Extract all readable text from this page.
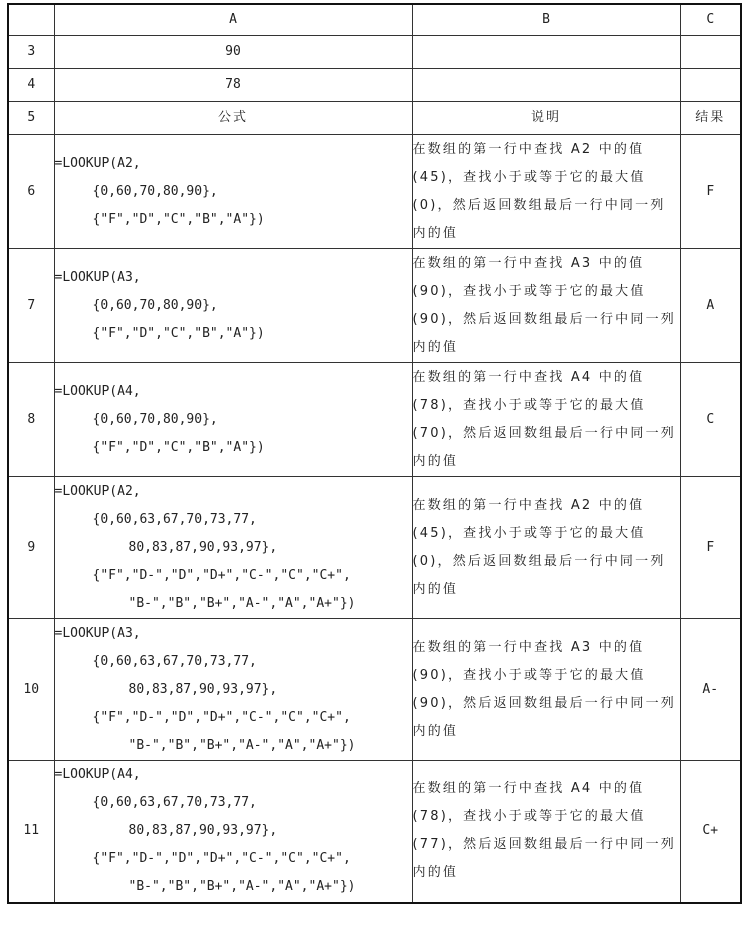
	A	B	C
3	90		
4	78		
5	公式	说明	结果
6	=LOOKUP(A2,
{0,60,70,80,90},
{"F","D","C","B","A"})	在数组的第一行中查找 A2 中的值(45)，查找小于或等于它的最大值(0)，然后返回数组最后一行中同一列内的值	F
7	=LOOKUP(A3,
{0,60,70,80,90},
{"F","D","C","B","A"})	在数组的第一行中查找 A3 中的值(90)，查找小于或等于它的最大值(90)，然后返回数组最后一行中同一列内的值	A
8	=LOOKUP(A4,
{0,60,70,80,90},
{"F","D","C","B","A"})	在数组的第一行中查找 A4 中的值(78)，查找小于或等于它的最大值(70)，然后返回数组最后一行中同一列内的值	C
9	=LOOKUP(A2,
{0,60,63,67,70,73,77,
80,83,87,90,93,97},
{"F","D-","D","D+","C-","C","C+",
"B-","B","B+","A-","A","A+"})	在数组的第一行中查找 A2 中的值(45)，查找小于或等于它的最大值(0)，然后返回数组最后一行中同一列内的值	F
10	=LOOKUP(A3,
{0,60,63,67,70,73,77,
80,83,87,90,93,97},
{"F","D-","D","D+","C-","C","C+",
"B-","B","B+","A-","A","A+"})	在数组的第一行中查找 A3 中的值(90)，查找小于或等于它的最大值(90)，然后返回数组最后一行中同一列内的值	A-
11	=LOOKUP(A4,
{0,60,63,67,70,73,77,
80,83,87,90,93,97},
{"F","D-","D","D+","C-","C","C+",
"B-","B","B+","A-","A","A+"})	在数组的第一行中查找 A4 中的值(78)，查找小于或等于它的最大值(77)，然后返回数组最后一行中同一列内的值	C+
